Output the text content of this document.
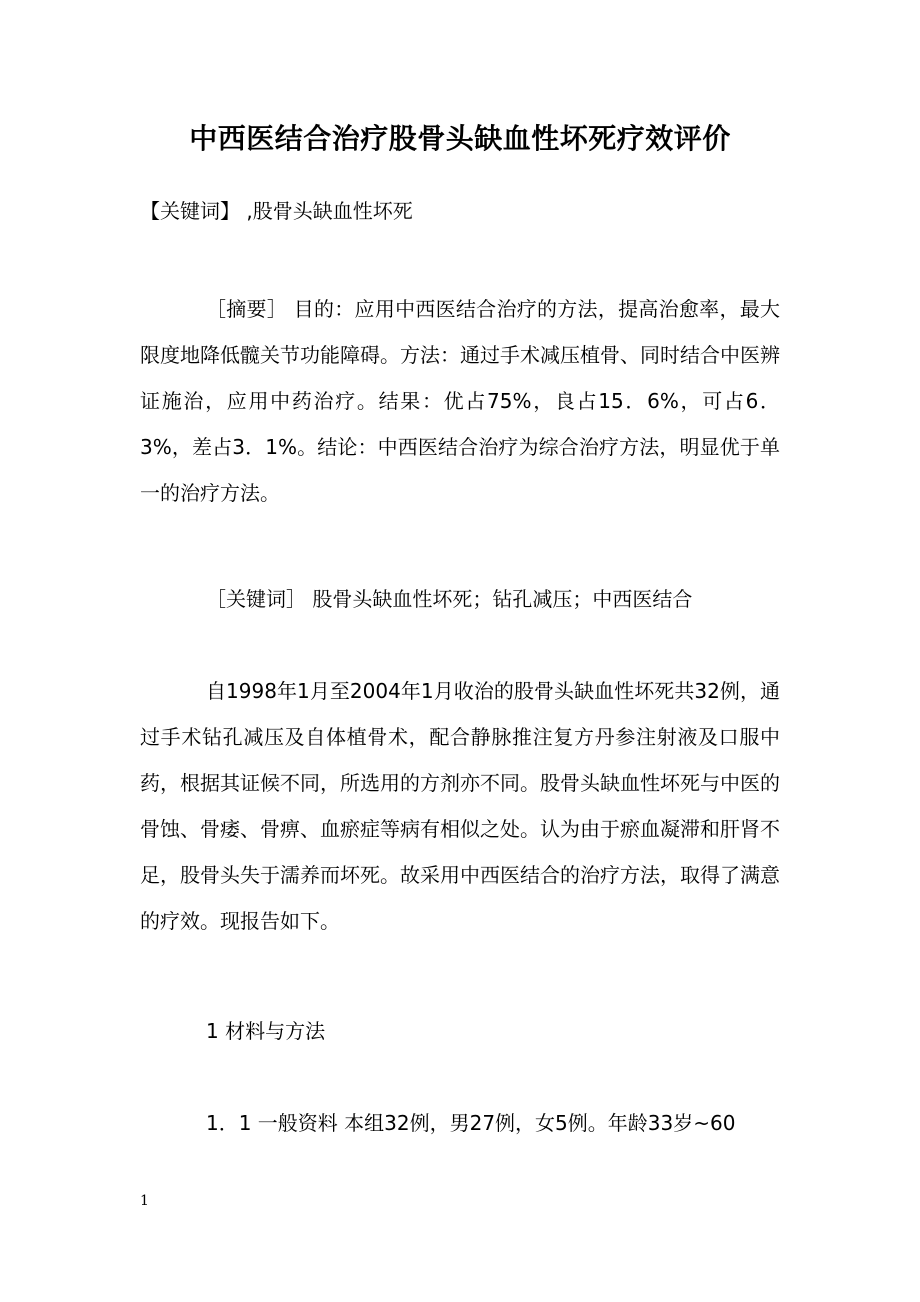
中西医结合治疗股骨头缺血性坏死疗效评价
【关键词】 ,股骨头缺血性坏死
［摘要］ 目的：应用中西医结合治疗的方法，提高治愈率，最大限度地降低髋关节功能障碍。方法：通过手术减压植骨、同时结合中医辨证施治，应用中药治疗。结果：优占75%，良占15．6%，可占6．3%，差占3．1%。结论：中西医结合治疗为综合治疗方法，明显优于单一的治疗方法。
［关键词］ 股骨头缺血性坏死；钻孔减压；中西医结合
自1998年1月至2004年1月收治的股骨头缺血性坏死共32例，通过手术钻孔减压及自体植骨术，配合静脉推注复方丹参注射液及口服中药，根据其证候不同，所选用的方剂亦不同。股骨头缺血性坏死与中医的骨蚀、骨痿、骨痹、血瘀症等病有相似之处。认为由于瘀血凝滞和肝肾不足，股骨头失于濡养而坏死。故采用中西医结合的治疗方法，取得了满意的疗效。现报告如下。
1 材料与方法
1．1 一般资料 本组32例，男27例，女5例。年龄33岁~60
1
